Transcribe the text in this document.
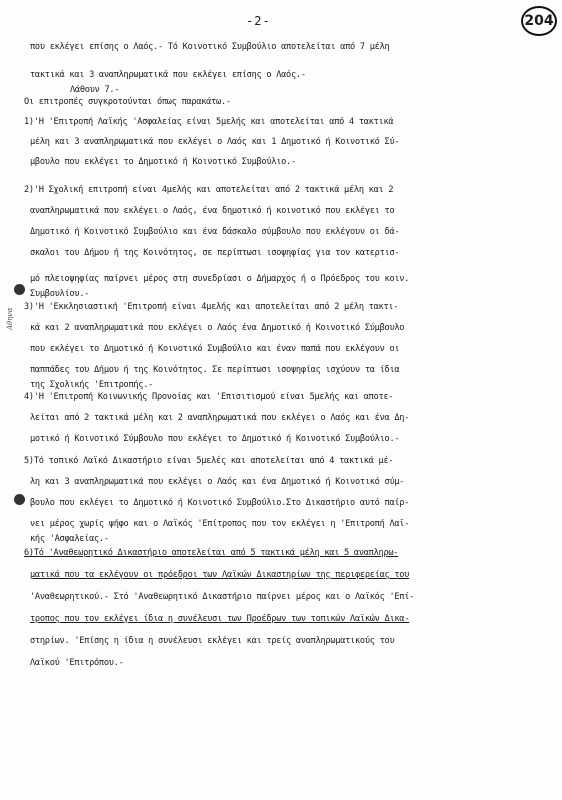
-2-	204
Αθηνα
που εκλέγει επίσης ο Λαός.- Τό Κοινοτικό Συμβούλιο αποτελείται από 7 μέλη
τακτικά και 3 αναπληρωματικά που εκλέγει επίσης ο Λαός.-
Λάθουν 7.-
Οι επιτροπές συγκροτούνται όπως παρακάτω.-
1)'Η 'Επιτροπή Λαϊκής 'Ασφαλείας είναι 5μελής και αποτελείται από 4 τακτικά
μέλη και 3 αναπληρωματικά που εκλέγει ο Λαός και 1 Δημοτικό ή Κοινοτικό Σύ-
μβουλο που εκλέγει το Δημοτικό ή Κοινοτικό Συμβούλιο.-
2)'Η Σχολική επιτροπή είναι 4μελής και αποτελείται από 2 τακτικά μέλη και 2
αναπληρωματικά που εκλέγει ο Λαός, ένα δημοτικό ή κοινοτικό που εκλέγει το
Δημοτικό ή Κοινοτικό Συμβούλιο και ένα δάσκαλο σύμβουλο που εκλέγουν οι δά-
σκαλοι του Δήμου ή της Κοινότητος, σε περίπτωσι ισοψηφίας για τον κατερτισ-
μό πλειοψηφίας παίρνει μέρος στη συνεδρίασι ο Δήμαρχος ή ο Πρόεδρος του κοιν.
Συμβουλίου.-
3)'Η 'Εκκλησιαστική 'Επιτροπή είναι 4μελής και αποτελείται από 2 μέλη τακτι-
κά και 2 αναπληρωματικά που εκλέγει ο Λαός ένα Δημοτικό ή Κοινοτικό Σύμβουλο
που εκλέγει το Δημοτικό ή Κοινοτικό Συμβούλιο και έναν παπά που εκλέγουν οι
παππάδες του Δήμου ή της Κοινότητος. Σε περίπτωσι ισοψηφίας ισχύουν τα ίδια
της Σχολικής 'Επιτροπής.-
4)'Η 'Επιτροπή Κοινωνικής Προνοίας και 'Επισιτισμού είναι 5μελής και αποτε-
λείται από 2 τακτικά μέλη και 2 αναπληρωματικά που εκλέγει ο Λαός και ένα Δη-
μοτικό ή Κοινοτικό Σύμβουλο που εκλέγει το Δημοτικό ή Κοινοτικό Συμβούλιο.-
5)Τό τοπικό Λαϊκό Δικαστήριο είναι 5μελές και αποτελείται από 4 τακτικά μέ-
λη και 3 αναπληρωματικά που εκλέγει ο Λαός και ένα Δημοτικό ή Κοινοτικό σύμ-
βουλο που εκλέγει το Δημοτικό ή Κοινοτικό Συμβούλιο.Στο Δικαστήριο αυτό παίρ-
νει μέρος χωρίς ψήφο και ο Λαϊκός 'Επίτροπος που τον εκλέγει η 'Επιτροπή Λαϊ-
κής 'Ασφαλείας.-
6)Τό 'Αναθεωρητικό Δικαστήριο αποτελείται από 5 τακτικά μέλη και 5 αναπληρω-
ματικά που τα εκλέγουν οι πρόεδροι των Λαϊκών Δικαστηρίων της περιφερείας του
'Αναθεωρητικού.- Στό 'Αναθεωρητικό Δικαστήριο παίρνει μέρος και ο Λαϊκός 'Επί-
τροπος που τον εκλέγει ίδια η συνέλευσι των Προέδρων των τοπικών Λαϊκών Δικα-
στηρίων. 'Επίσης η ίδια η συνέλευσι εκλέγει και τρείς αναπληρωματικούς του
Λαϊκού 'Επιτρόπου.-
